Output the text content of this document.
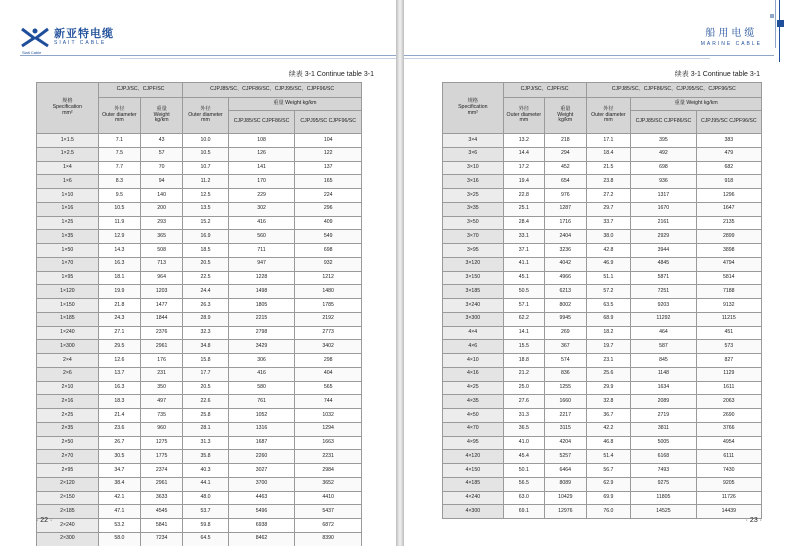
新亚特电缆
SIAIT CABLE
Siait Cable
续表 3-1 Continue table 3-1
规格
Specification
mm²	CJPJ/SC、CJPF/SC		CJPJ85/SC、CJPF86/SC、CJPJ95/SC、CJPF96/SC		
	外径
Outer diameter
mm	重量
Weight
kg/km	外径
Outer diameter
mm	重量 Weight kg/km	
				CJPJ85/SC CJPF86/SC	CJPJ95/SC CJPF96/SC
1×1.5	7.1	43	10.0	108	104
1×2.5	7.5	57	10.5	126	122
1×4	7.7	70	10.7	141	137
1×6	8.3	94	11.2	170	165
1×10	9.5	140	12.5	229	224
1×16	10.5	200	13.5	302	296
1×25	11.9	293	15.2	416	409
1×35	12.9	365	16.9	560	549
1×50	14.3	508	18.5	711	698
1×70	16.3	713	20.5	947	932
1×95	18.1	964	22.5	1228	1212
1×120	19.9	1203	24.4	1498	1480
1×150	21.8	1477	26.3	1805	1785
1×185	24.3	1844	28.9	2215	2192
1×240	27.1	2376	32.3	2798	2773
1×300	29.5	2961	34.8	3429	3402
2×4	12.6	176	15.8	306	298
2×6	13.7	231	17.7	416	404
2×10	16.3	350	20.5	580	565
2×16	18.3	497	22.6	761	744
2×25	21.4	735	25.8	1052	1032
2×35	23.6	960	28.1	1316	1294
2×50	26.7	1275	31.3	1687	1663
2×70	30.5	1775	35.8	2260	2231
2×95	34.7	2374	40.3	3027	2984
2×120	38.4	2961	44.1	3700	3652
2×150	42.1	3633	48.0	4463	4410
2×185	47.1	4545	53.7	5496	5437
2×240	53.2	5841	59.8	6938	6872
2×300	58.0	7234	64.5	8462	8390
· 22 ·
船用电缆
MARINE CABLE
续表 3-1 Continue table 3-1
规格
Specification
mm²	CJPJ/SC、CJPF/SC		CJPJ85/SC、CJPF86/SC、CJPJ95/SC、CJPF96/SC		
	外径
Outer diameter
mm	重量
Weight
kg/km	外径
Outer diameter
mm	重量 Weight kg/km	
				CJPJ85/SC CJPF86/SC	CJPJ95/SC CJPF96/SC
3×4	13.2	218	17.1	395	383
3×6	14.4	294	18.4	492	479
3×10	17.2	452	21.5	698	682
3×16	19.4	654	23.8	936	918
3×25	22.8	976	27.2	1317	1296
3×35	25.1	1287	29.7	1670	1647
3×50	28.4	1716	33.7	2161	2135
3×70	33.1	2404	38.0	2929	2899
3×95	37.1	3236	42.8	3944	3898
3×120	41.1	4042	46.9	4845	4794
3×150	45.1	4966	51.1	5871	5814
3×185	50.5	6213	57.2	7251	7188
3×240	57.1	8002	63.5	9203	9132
3×300	62.2	9945	68.9	11292	11215
4×4	14.1	269	18.2	464	451
4×6	15.5	367	19.7	587	573
4×10	18.8	574	23.1	845	827
4×16	21.2	836	25.6	1148	1129
4×25	25.0	1255	29.9	1634	1611
4×35	27.6	1660	32.8	2089	2063
4×50	31.3	2217	36.7	2719	2690
4×70	36.5	3115	42.2	3811	3766
4×95	41.0	4204	46.8	5005	4954
4×120	45.4	5257	51.4	6168	6111
4×150	50.1	6464	56.7	7493	7430
4×185	56.5	8089	62.9	9275	9205
4×240	63.0	10429	69.9	11805	11726
4×300	69.1	12976	76.0	14525	14439
· 23 ·
